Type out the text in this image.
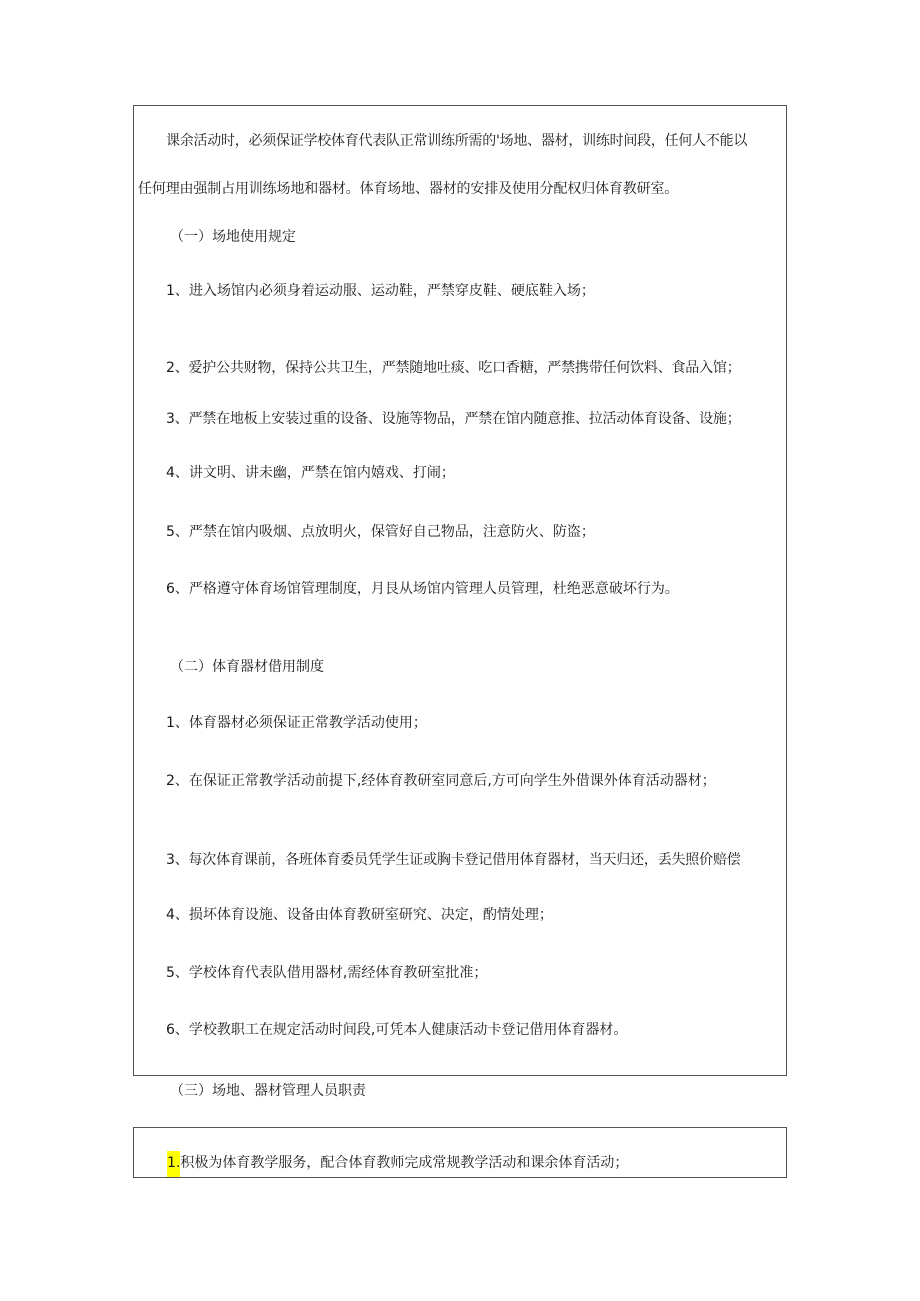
课余活动时，必须保证学校体育代表队正常训练所需的'场地、器材，训练时间段，任何人不能以
任何理由强制占用训练场地和器材。体育场地、器材的安排及使用分配权归体育教研室。
（一）场地使用规定
1、进入场馆内必须身着运动服、运动鞋，严禁穿皮鞋、硬底鞋入场；
2、爱护公共财物，保持公共卫生，严禁随地吐痰、吃口香糖，严禁携带任何饮料、食品入馆；
3、严禁在地板上安装过重的设备、设施等物品，严禁在馆内随意推、拉活动体育设备、设施；
4、讲文明、讲未幽，严禁在馆内嬉戏、打闹；
5、严禁在馆内吸烟、点放明火，保管好自己物品，注意防火、防盗；
6、严格遵守体育场馆管理制度，月艮从场馆内管理人员管理，杜绝恶意破坏行为。
（二）体育器材借用制度
1、体育器材必须保证正常教学活动使用；
2、在保证正常教学活动前提下,经体育教研室同意后,方可向学生外借课外体育活动器材；
3、每次体育课前，各班体育委员凭学生证或胸卡登记借用体育器材，当天归还，丢失照价赔偿
4、损坏体育设施、设备由体育教研室研究、决定，酌情处理；
5、学校体育代表队借用器材,需经体育教研室批准；
6、学校教职工在规定活动时间段,可凭本人健康活动卡登记借用体育器材。
（三）场地、器材管理人员职责
1.积极为体育教学服务，配合体育教师完成常规教学活动和课余体育活动；
